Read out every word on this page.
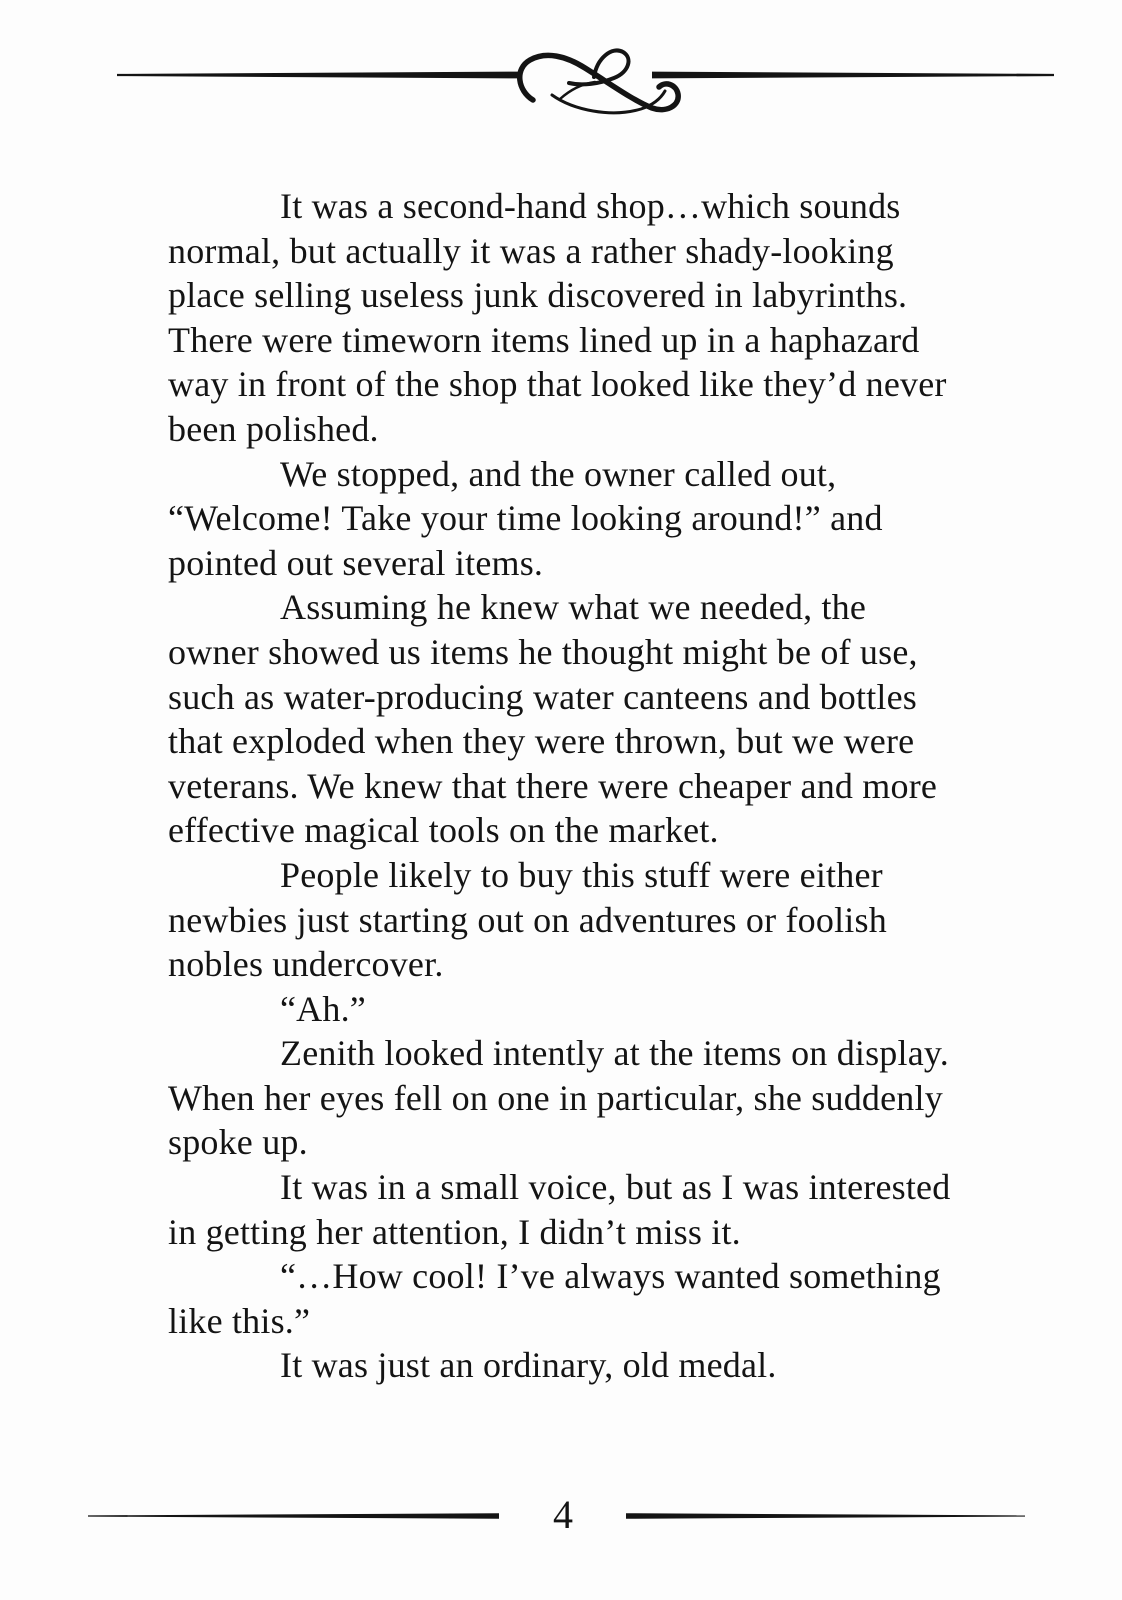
It was a second-hand shop…which sounds
normal, but actually it was a rather shady-looking
place selling useless junk discovered in labyrinths.
There were timeworn items lined up in a haphazard
way in front of the shop that looked like they’d never
been polished.

We stopped, and the owner called out,
“Welcome! Take your time looking around!” and
pointed out several items.

Assuming he knew what we needed, the
owner showed us items he thought might be of use,
such as water-producing water canteens and bottles
that exploded when they were thrown, but we were
veterans. We knew that there were cheaper and more
effective magical tools on the market.

People likely to buy this stuff were either
newbies just starting out on adventures or foolish
nobles undercover.

“Ah.”

Zenith looked intently at the items on display.
When her eyes fell on one in particular, she suddenly
spoke up.

It was in a small voice, but as I was interested
in getting her attention, I didn’t miss it.

“…How cool! I’ve always wanted something
like this.”

It was just an ordinary, old medal.

4
